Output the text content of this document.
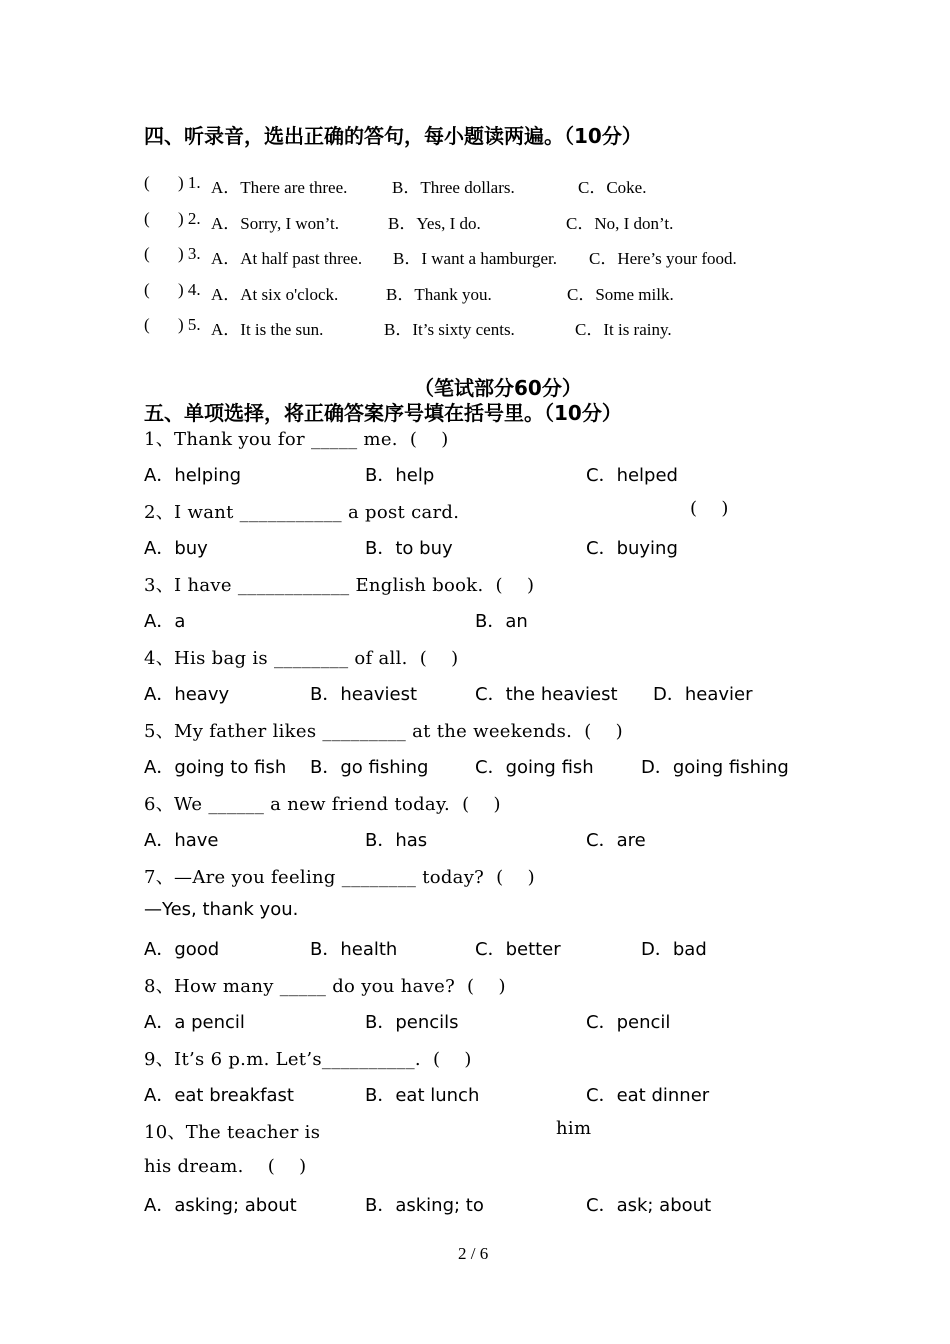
四、听录音，选出正确的答句，每小题读两遍。（10分）
( ) 1. A．There are three.	B．Three dollars.	C．Coke.
( ) 2. A．Sorry, I won’t.	B．Yes, I do.	C．No, I don’t.
( ) 3. A．At half past three. B．I want a hamburger. C．Here’s your food.
( ) 4. A．At six o'clock.	B．Thank you.	C．Some milk.
( ) 5. A．It is the sun.	B．It’s sixty cents.	C．It is rainy.
（笔试部分60分）
五、单项选择，将正确答案序号填在括号里。（10分）
1、Thank you for _____ me.  (    )
A．helping	B．help	C．helped
2、I want ___________ a post card.	(    )
A．buy	B．to buy	C．buying
3、I have ____________ English book.  (    )
A．a	B．an
4、His bag is ________ of all.  (    )
A．heavy	B．heaviest	C．the heaviest D．heavier
5、My father likes _________ at the weekends.  (    )
A．going to fish B．go fishing	C．going fish	D．going fishing
6、We ______ a new friend today.  (    )
A．have	B．has	C．are
7、—Are you feeling ________ today?  (    )
—Yes, thank you.
A．good	B．health	C．better	D．bad
8、How many _____ do you have?  (    )
A．a pencil	B．pencils	C．pencil
9、It’s 6 p.m. Let’s__________.  (    )
A．eat breakfast	B．eat lunch	C．eat dinner
10、The teacher is	him
his dream.    (    )
A．asking; about	B．asking; to	C．ask; about
2 / 6
